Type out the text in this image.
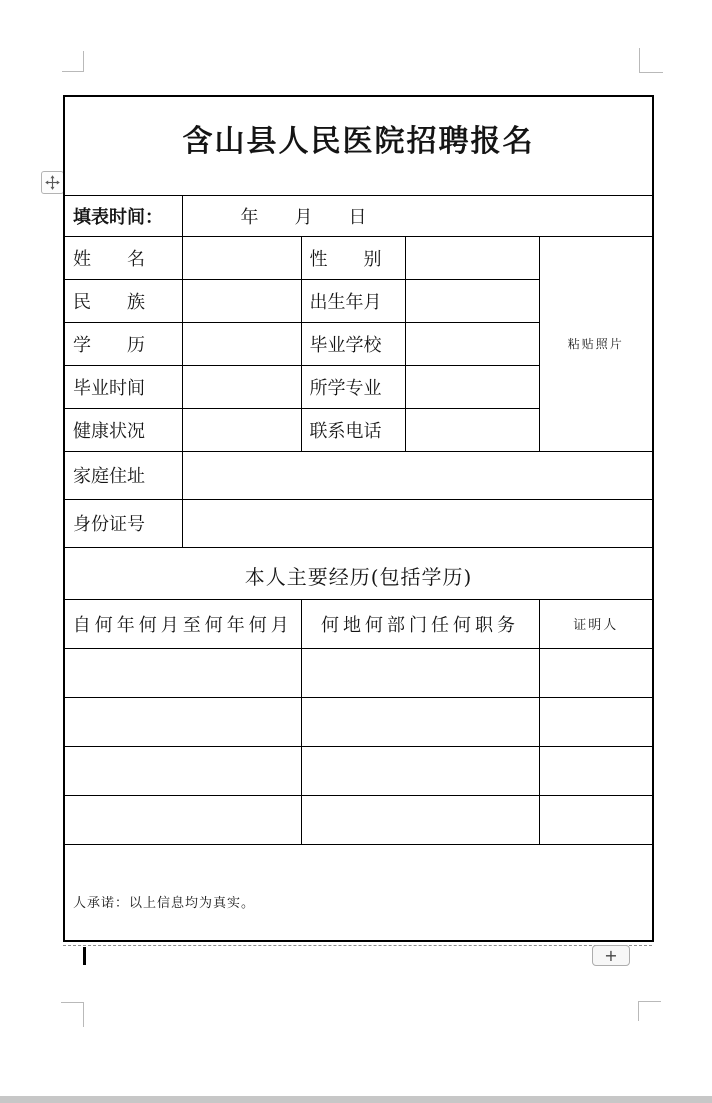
含山县人民医院招聘报名				
填表时间：	年　　月　　日			
姓　　名		性　　别		粘贴照片
民　　族		出生年月		
学　　历		毕业学校		
毕业时间		所学专业		
健康状况		联系电话		
家庭住址				
身份证号				
本人主要经历(包括学历)				
自何年何月至何年何月		何地何部门任何职务		证明人

人承诺：以上信息均为真实。				
+
